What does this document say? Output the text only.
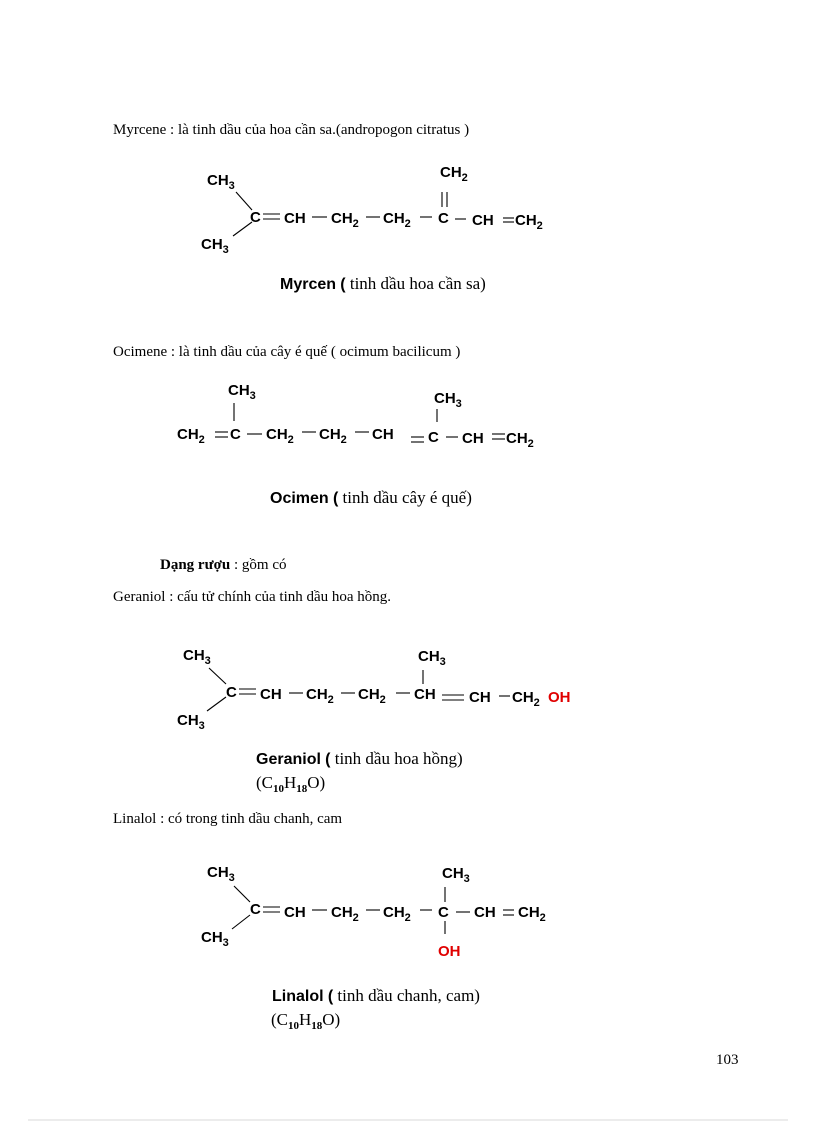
Myrcene : là tinh dầu của hoa cần sa.(andropogon citratus )
$CH_3$
$CH_3$
C CH $CH_2$ $CH_2$ C
$CH_2$
CH $CH_2$
$CH_3$
$CH_2$ C $CH_2$ $CH_2$ CH C
$CH_3$
CH $CH_2$
$CH_3$
$CH_3$
C CH $CH_2$ $CH_2$ CH
$CH_3$
CH $CH_2$ OH
$CH_3$
$CH_3$
C CH $CH_2$ $CH_2$ C
$CH_3$
OH
CH $CH_2$
Myrcen ( tinh dầu hoa cần sa)
Ocimene : là tinh dầu của cây é quế ( ocimum bacilicum )
Ocimen ( tinh dầu cây é quế)
Dạng rượu : gồm có
Geraniol : cấu tử chính của tinh dầu hoa hồng.
Geraniol ( tinh dầu hoa hồng)
$(C_{10}H_{18}O)$
Linalol : có trong tinh dầu chanh, cam
Linalol ( tinh dầu chanh, cam)
$(C_{10}H_{18}O)$
103
